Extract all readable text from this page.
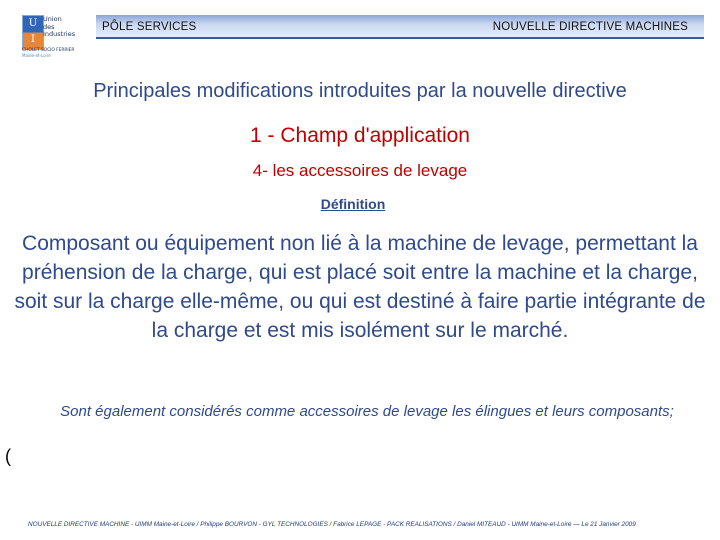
U
I
Union des Industries
CHOLET SOCIO FERRIER
Maine-et-Loire
PÔLE SERVICES	NOUVELLE DIRECTIVE MACHINES
Principales modifications introduites par la nouvelle directive
1 - Champ d'application
4- les accessoires de levage
Définition
Composant ou équipement non lié à la machine de levage, permettant la préhension de la charge, qui est placé soit entre la machine et la charge, soit sur la charge elle-même, ou qui est destiné à faire partie intégrante de la charge et est mis isolément sur le marché.
Sont également considérés comme accessoires de levage les élingues et leurs composants;
(
NOUVELLE DIRECTIVE MACHINE - UIMM Maine-et-Loire / Philippe BOURVON - GYL TECHNOLOGIES / Fabrice LEPAGE - PACK REALISATIONS / Daniel MITEAUD - UIMM Maine-et-Loire — Le 21 Janvier 2009
